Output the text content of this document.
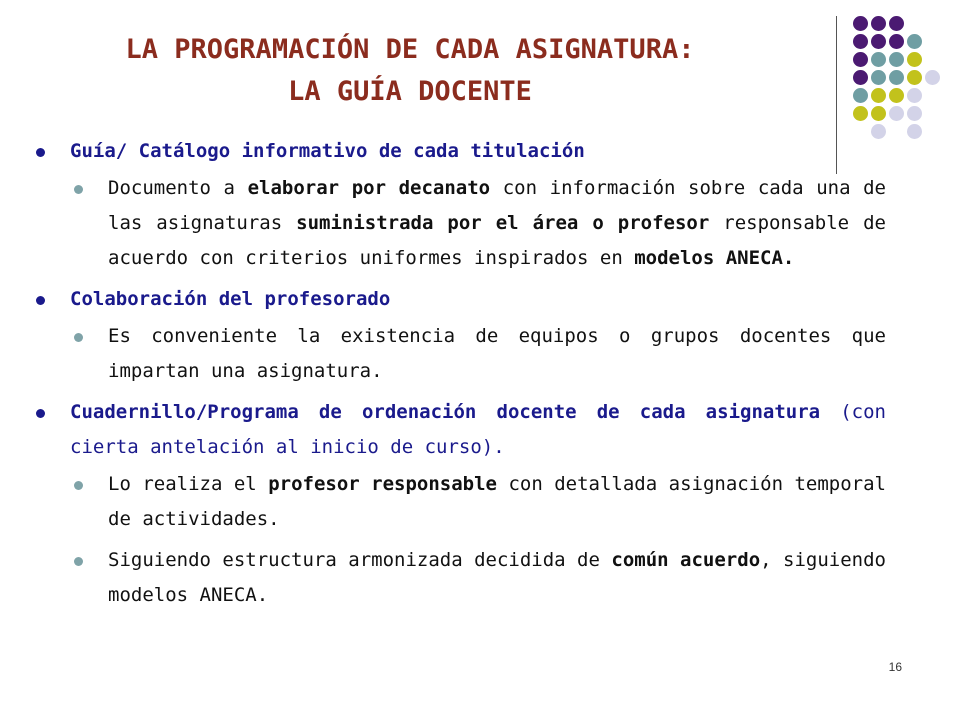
LA PROGRAMACIÓN DE CADA ASIGNATURA:
LA GUÍA DOCENTE
Guía/ Catálogo informativo de cada titulación
Documento a elaborar por decanato con información sobre cada una de las asignaturas suministrada por el área o profesor responsable de acuerdo con criterios uniformes inspirados en modelos ANECA.
Colaboración del profesorado
Es conveniente la existencia de equipos o grupos docentes que impartan una asignatura.
Cuadernillo/Programa de ordenación docente de cada asignatura (con cierta antelación al inicio de curso).
Lo realiza el profesor responsable con detallada asignación temporal de actividades.
Siguiendo estructura armonizada decidida de común acuerdo, siguiendo modelos ANECA.
16
